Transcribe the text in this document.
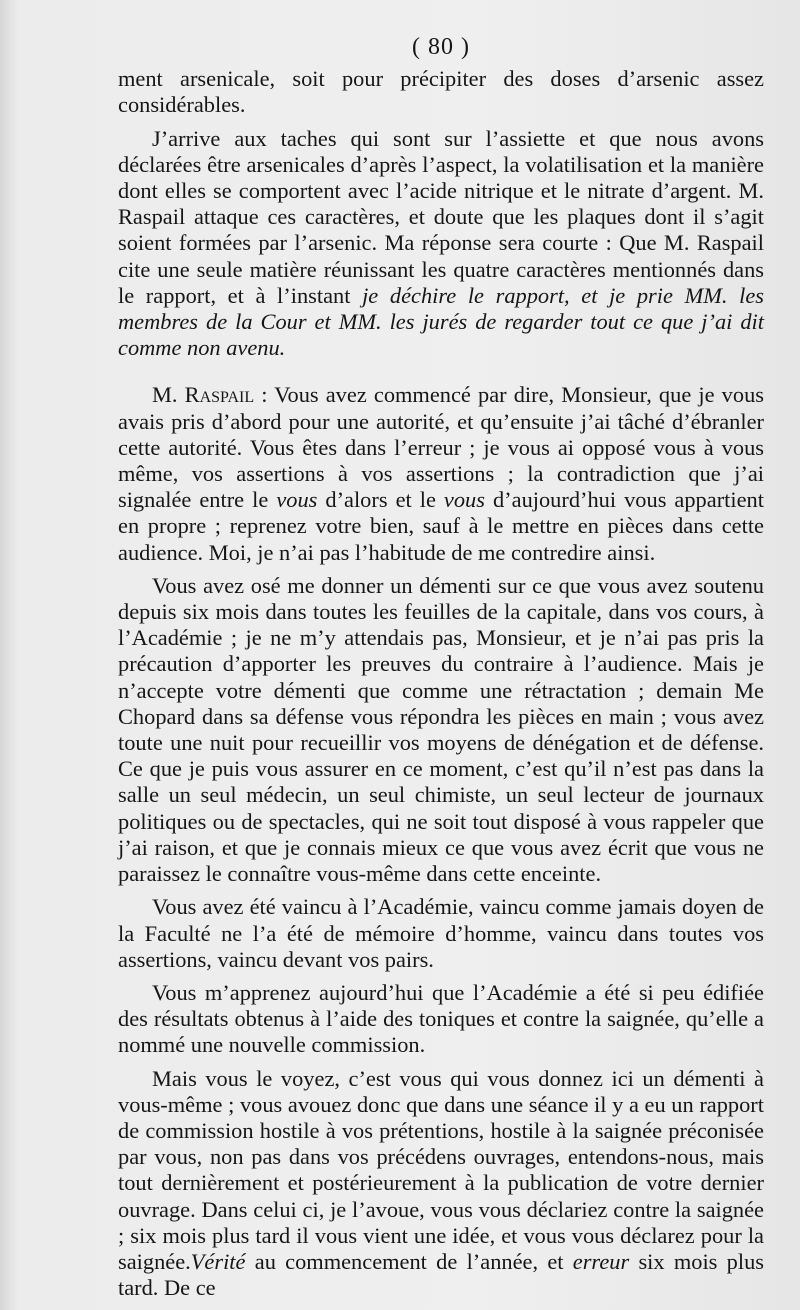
( 80 )

ment arsenicale, soit pour précipiter des doses d’arsenic assez considérables.

J’arrive aux taches qui sont sur l’assiette et que nous avons déclarées être arsenicales d’après l’aspect, la volatilisation et la manière dont elles se comportent avec l’acide nitrique et le nitrate d’argent. M. Raspail attaque ces caractères, et doute que les plaques dont il s’agit soient formées par l’arsenic. Ma réponse sera courte : Que M. Raspail cite une seule matière réunissant les quatre caractères mentionnés dans le rapport, et à l’instant je déchire le rapport, et je prie MM. les membres de la Cour et MM. les jurés de regarder tout ce que j’ai dit comme non avenu.

M. Raspail : Vous avez commencé par dire, Monsieur, que je vous avais pris d’abord pour une autorité, et qu’ensuite j’ai tâché d’ébranler cette autorité. Vous êtes dans l’erreur ; je vous ai opposé vous à vous même, vos assertions à vos assertions ; la contradiction que j’ai signalée entre le vous d’alors et le vous d’aujourd’hui vous appartient en propre ; reprenez votre bien, sauf à le mettre en pièces dans cette audience. Moi, je n’ai pas l’habitude de me contredire ainsi.

Vous avez osé me donner un démenti sur ce que vous avez soutenu depuis six mois dans toutes les feuilles de la capitale, dans vos cours, à l’Académie ; je ne m’y attendais pas, Monsieur, et je n’ai pas pris la précaution d’apporter les preuves du contraire à l’audience. Mais je n’accepte votre démenti que comme une rétractation ; demain Me Chopard dans sa défense vous répondra les pièces en main ; vous avez toute une nuit pour recueillir vos moyens de dénégation et de défense. Ce que je puis vous assurer en ce moment, c’est qu’il n’est pas dans la salle un seul médecin, un seul chimiste, un seul lecteur de journaux politiques ou de spectacles, qui ne soit tout disposé à vous rappeler que j’ai raison, et que je connais mieux ce que vous avez écrit que vous ne paraissez le connaître vous-même dans cette enceinte.

Vous avez été vaincu à l’Académie, vaincu comme jamais doyen de la Faculté ne l’a été de mémoire d’homme, vaincu dans toutes vos assertions, vaincu devant vos pairs.

Vous m’apprenez aujourd’hui que l’Académie a été si peu édifiée des résultats obtenus à l’aide des toniques et contre la saignée, qu’elle a nommé une nouvelle commission.

Mais vous le voyez, c’est vous qui vous donnez ici un démenti à vous-même ; vous avouez donc que dans une séance il y a eu un rapport de commission hostile à vos prétentions, hostile à la saignée préconisée par vous, non pas dans vos précédens ouvrages, entendons-nous, mais tout dernièrement et postérieurement à la publication de votre dernier ouvrage. Dans celui ci, je l’avoue, vous vous déclariez contre la saignée ; six mois plus tard il vous vient une idée, et vous vous déclarez pour la saignée.Vérité au commencement de l’année, et erreur six mois plus tard. De ce
